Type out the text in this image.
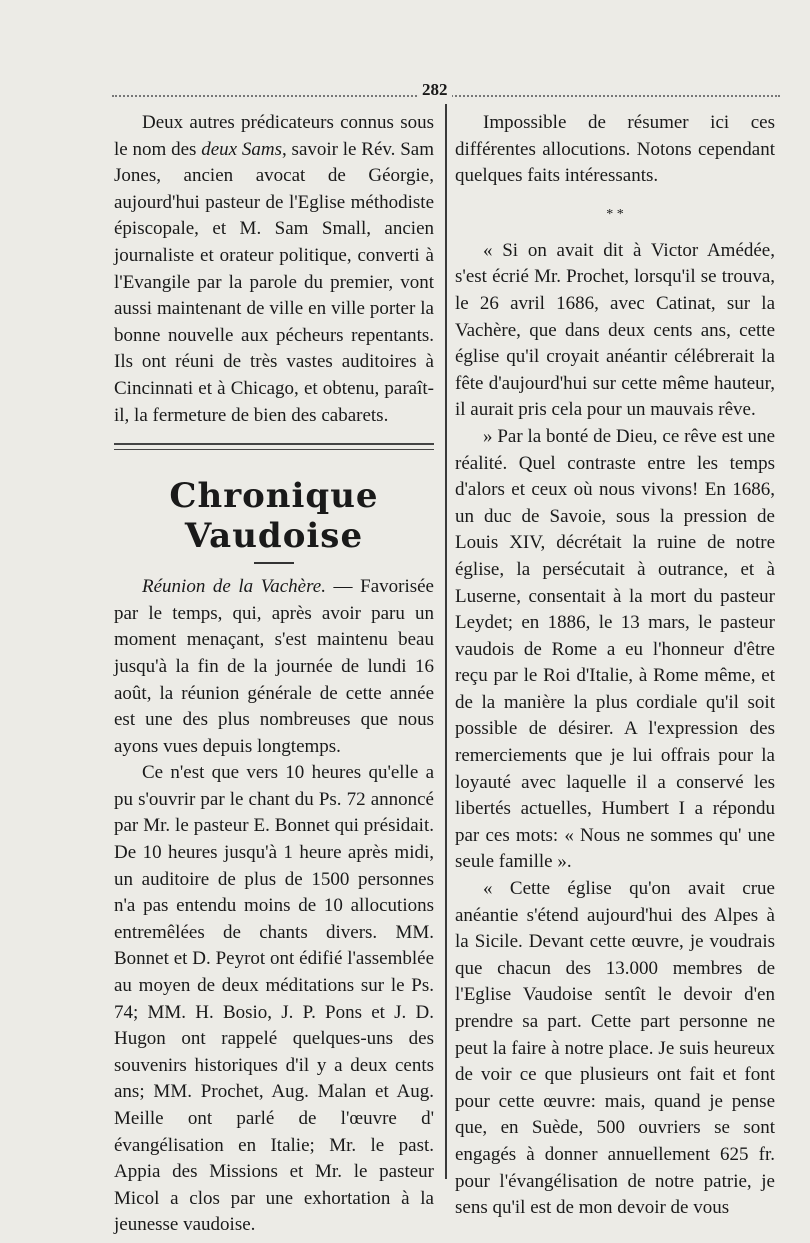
282

Deux autres prédicateurs connus sous le nom des deux Sams, savoir le Rév. Sam Jones, ancien avocat de Géorgie, aujourd'hui pasteur de l'Eglise méthodiste épiscopale, et M. Sam Small, ancien journaliste et orateur politique, converti à l'Evangile par la parole du premier, vont aussi maintenant de ville en ville porter la bonne nouvelle aux pécheurs repentants. Ils ont réuni de très vastes auditoires à Cincinnati et à Chicago, et obtenu, paraît-il, la fermeture de bien des cabarets.

Chronique Vaudoise

Réunion de la Vachère. — Favorisée par le temps, qui, après avoir paru un moment menaçant, s'est maintenu beau jusqu'à la fin de la journée de lundi 16 août, la réunion générale de cette année est une des plus nombreuses que nous ayons vues depuis longtemps.

Ce n'est que vers 10 heures qu'elle a pu s'ouvrir par le chant du Ps. 72 annoncé par Mr. le pasteur E. Bonnet qui présidait. De 10 heures jusqu'à 1 heure après midi, un auditoire de plus de 1500 personnes n'a pas entendu moins de 10 allocutions entremêlées de chants divers. MM. Bonnet et D. Peyrot ont édifié l'assemblée au moyen de deux méditations sur le Ps. 74; MM. H. Bosio, J. P. Pons et J. D. Hugon ont rappelé quelques-uns des souvenirs historiques d'il y a deux cents ans; MM. Prochet, Aug. Malan et Aug. Meille ont parlé de l'œuvre d' évangélisation en Italie; Mr. le past. Appia des Missions et Mr. le pasteur Micol a clos par une exhortation à la jeunesse vaudoise.

Impossible de résumer ici ces différentes allocutions. Notons cependant quelques faits intéressants.

* *

« Si on avait dit à Victor Amédée, s'est écrié Mr. Prochet, lorsqu'il se trouva, le 26 avril 1686, avec Catinat, sur la Vachère, que dans deux cents ans, cette église qu'il croyait anéantir célébrerait la fête d'aujourd'hui sur cette même hauteur, il aurait pris cela pour un mauvais rêve.

» Par la bonté de Dieu, ce rêve est une réalité. Quel contraste entre les temps d'alors et ceux où nous vivons! En 1686, un duc de Savoie, sous la pression de Louis XIV, décrétait la ruine de notre église, la persécutait à outrance, et à Luserne, consentait à la mort du pasteur Leydet; en 1886, le 13 mars, le pasteur vaudois de Rome a eu l'honneur d'être reçu par le Roi d'Italie, à Rome même, et de la manière la plus cordiale qu'il soit possible de désirer. A l'expression des remerciements que je lui offrais pour la loyauté avec laquelle il a conservé les libertés actuelles, Humbert I a répondu par ces mots: « Nous ne sommes qu' une seule famille ».

« Cette église qu'on avait crue anéantie s'étend aujourd'hui des Alpes à la Sicile. Devant cette œuvre, je voudrais que chacun des 13.000 membres de l'Eglise Vaudoise sentît le devoir d'en prendre sa part. Cette part personne ne peut la faire à notre place. Je suis heureux de voir ce que plusieurs ont fait et font pour cette œuvre: mais, quand je pense que, en Suède, 500 ouvriers se sont engagés à donner annuellement 625 fr. pour l'évangélisation de notre patrie, je sens qu'il est de mon devoir de vous
